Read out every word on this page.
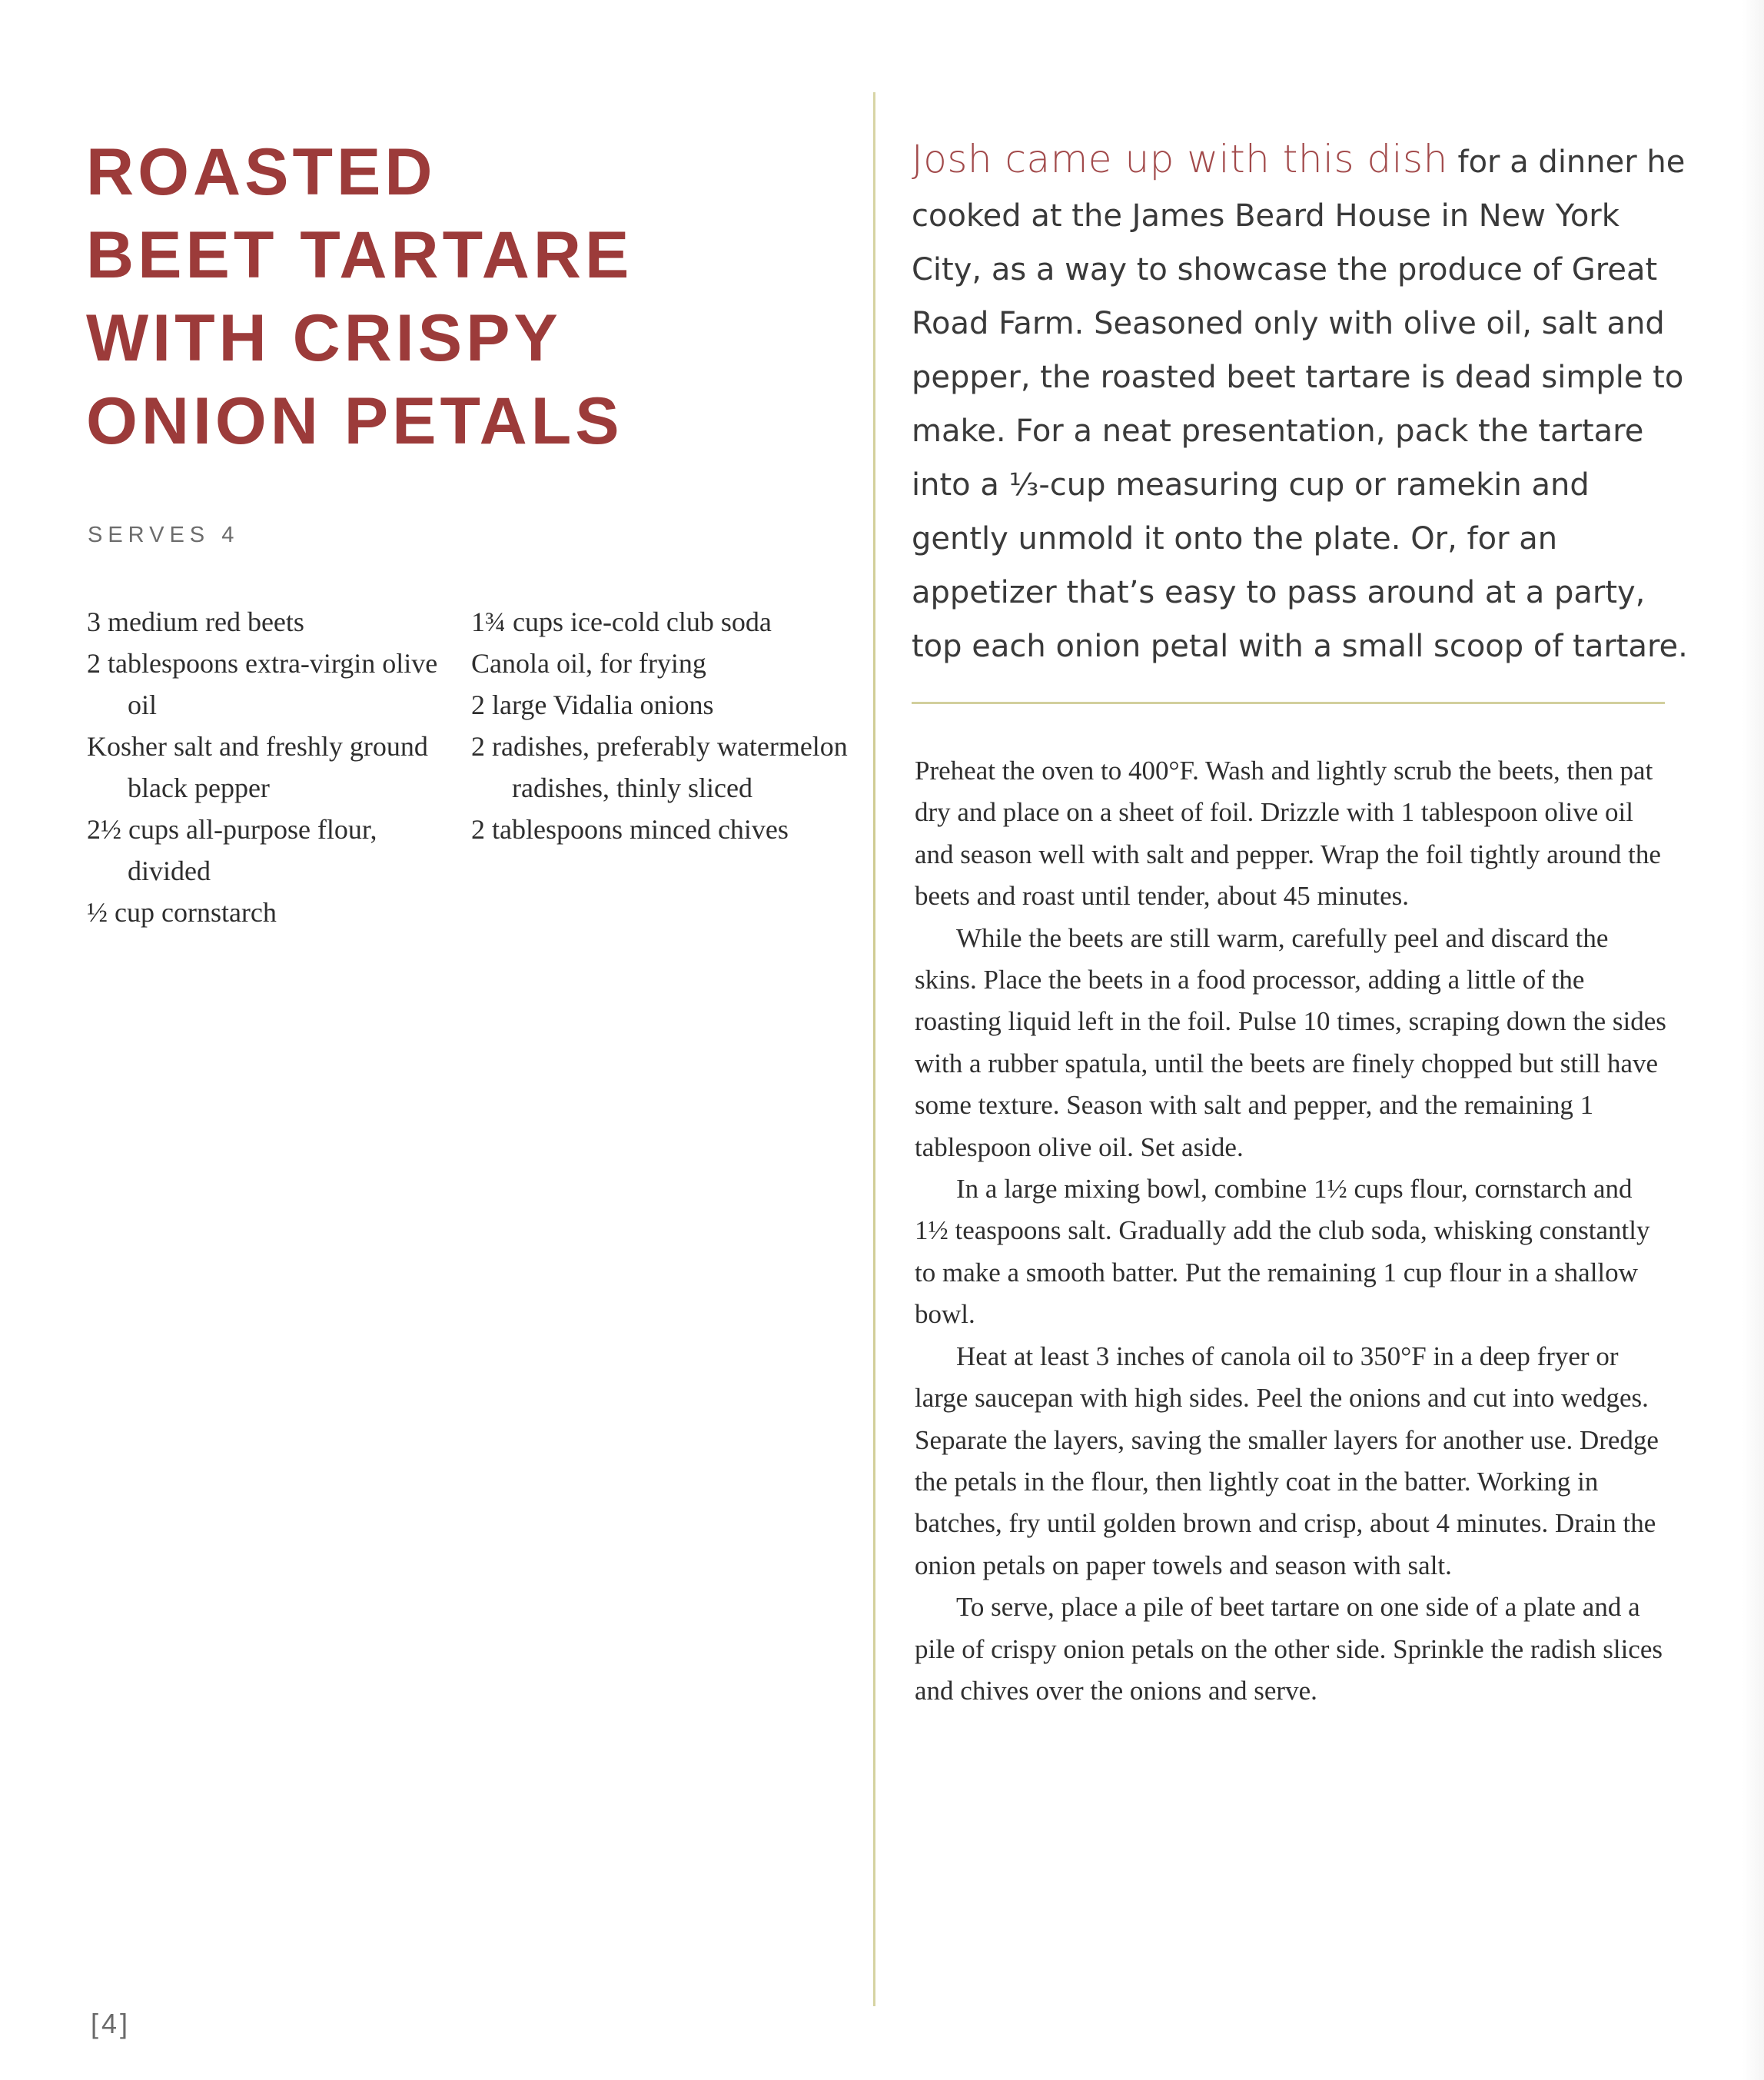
ROASTED
BEET TARTARE
WITH CRISPY
ONION PETALS

SERVES 4

3 medium red beets
2 tablespoons extra-virgin olive oil
Kosher salt and freshly ground black pepper
2½ cups all-purpose flour, divided
½ cup cornstarch
1¾ cups ice-cold club soda
Canola oil, for frying
2 large Vidalia onions
2 radishes, preferably watermelon radishes, thinly sliced
2 tablespoons minced chives

Josh came up with this dish for a dinner he cooked at the James Beard House in New York City, as a way to showcase the produce of Great Road Farm. Seasoned only with olive oil, salt and pepper, the roasted beet tartare is dead simple to make. For a neat presentation, pack the tartare into a ⅓-cup measuring cup or ramekin and gently unmold it onto the plate. Or, for an appetizer that’s easy to pass around at a party, top each onion petal with a small scoop of tartare.

Preheat the oven to 400°F. Wash and lightly scrub the beets, then pat dry and place on a sheet of foil. Drizzle with 1 tablespoon olive oil and season well with salt and pepper. Wrap the foil tightly around the beets and roast until tender, about 45 minutes.

While the beets are still warm, carefully peel and discard the skins. Place the beets in a food processor, adding a little of the roasting liquid left in the foil. Pulse 10 times, scraping down the sides with a rubber spatula, until the beets are finely chopped but still have some texture. Season with salt and pepper, and the remaining 1 tablespoon olive oil. Set aside.

In a large mixing bowl, combine 1½ cups flour, cornstarch and 1½ teaspoons salt. Gradually add the club soda, whisking constantly to make a smooth batter. Put the remaining 1 cup flour in a shallow bowl.

Heat at least 3 inches of canola oil to 350°F in a deep fryer or large saucepan with high sides. Peel the onions and cut into wedges. Separate the layers, saving the smaller layers for another use. Dredge the petals in the flour, then lightly coat in the batter. Working in batches, fry until golden brown and crisp, about 4 minutes. Drain the onion petals on paper towels and season with salt.

To serve, place a pile of beet tartare on one side of a plate and a pile of crispy onion petals on the other side. Sprinkle the radish slices and chives over the onions and serve.

[4]
